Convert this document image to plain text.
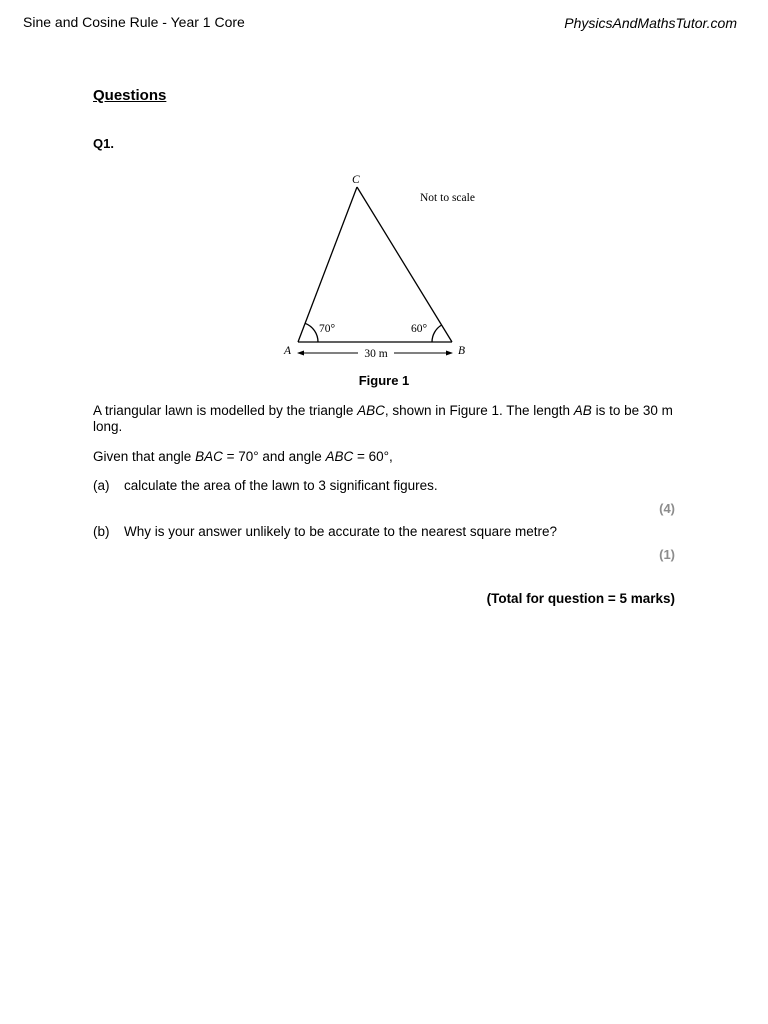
Sine and Cosine Rule - Year 1 Core	PhysicsAndMathsTutor.com
Questions
Q1.
C
A	B
70°	60°
30 m
Not to scale
Figure 1
A triangular lawn is modelled by the triangle ABC, shown in Figure 1. The length AB is to be 30 m long.
Given that angle BAC = 70° and angle ABC = 60°,
(a) calculate the area of the lawn to 3 significant figures.
(4)
(b) Why is your answer unlikely to be accurate to the nearest square metre?
(1)
(Total for question = 5 marks)
